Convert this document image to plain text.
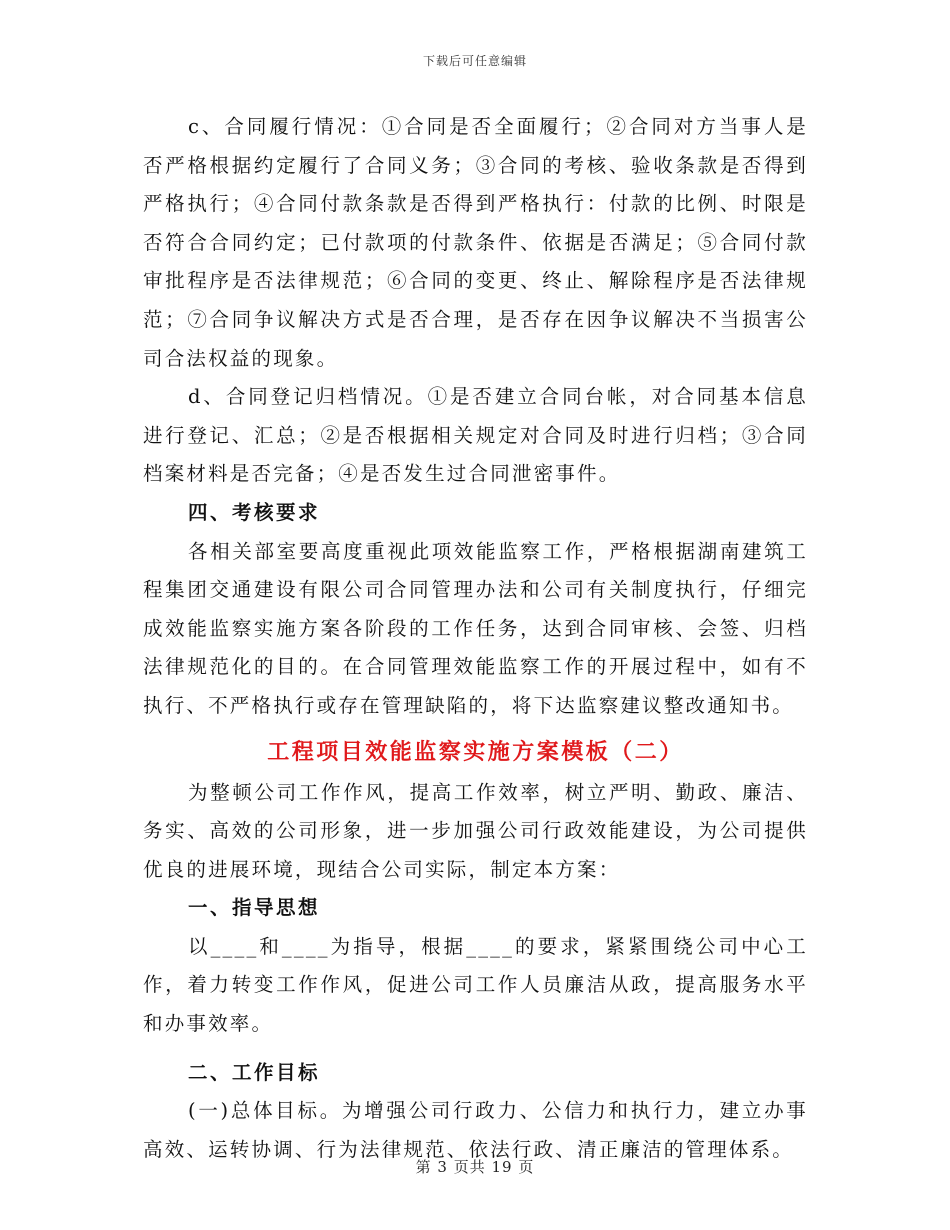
下载后可任意编辑

c、合同履行情况：①合同是否全面履行；②合同对方当事人是否严格根据约定履行了合同义务；③合同的考核、验收条款是否得到严格执行；④合同付款条款是否得到严格执行：付款的比例、时限是否符合合同约定；已付款项的付款条件、依据是否满足；⑤合同付款审批程序是否法律规范；⑥合同的变更、终止、解除程序是否法律规范；⑦合同争议解决方式是否合理，是否存在因争议解决不当损害公司合法权益的现象。

d、合同登记归档情况。①是否建立合同台帐，对合同基本信息进行登记、汇总；②是否根据相关规定对合同及时进行归档；③合同档案材料是否完备；④是否发生过合同泄密事件。

四、考核要求

各相关部室要高度重视此项效能监察工作，严格根据湖南建筑工程集团交通建设有限公司合同管理办法和公司有关制度执行，仔细完成效能监察实施方案各阶段的工作任务，达到合同审核、会签、归档法律规范化的目的。在合同管理效能监察工作的开展过程中，如有不执行、不严格执行或存在管理缺陷的，将下达监察建议整改通知书。

工程项目效能监察实施方案模板（二）

为整顿公司工作作风，提高工作效率，树立严明、勤政、廉洁、务实、高效的公司形象，进一步加强公司行政效能建设，为公司提供优良的进展环境，现结合公司实际，制定本方案：

一、指导思想

以____和____为指导，根据____的要求，紧紧围绕公司中心工作，着力转变工作作风，促进公司工作人员廉洁从政，提高服务水平和办事效率。

二、工作目标

(一)总体目标。为增强公司行政力、公信力和执行力，建立办事高效、运转协调、行为法律规范、依法行政、清正廉洁的管理体系。

第 3 页共 19 页
